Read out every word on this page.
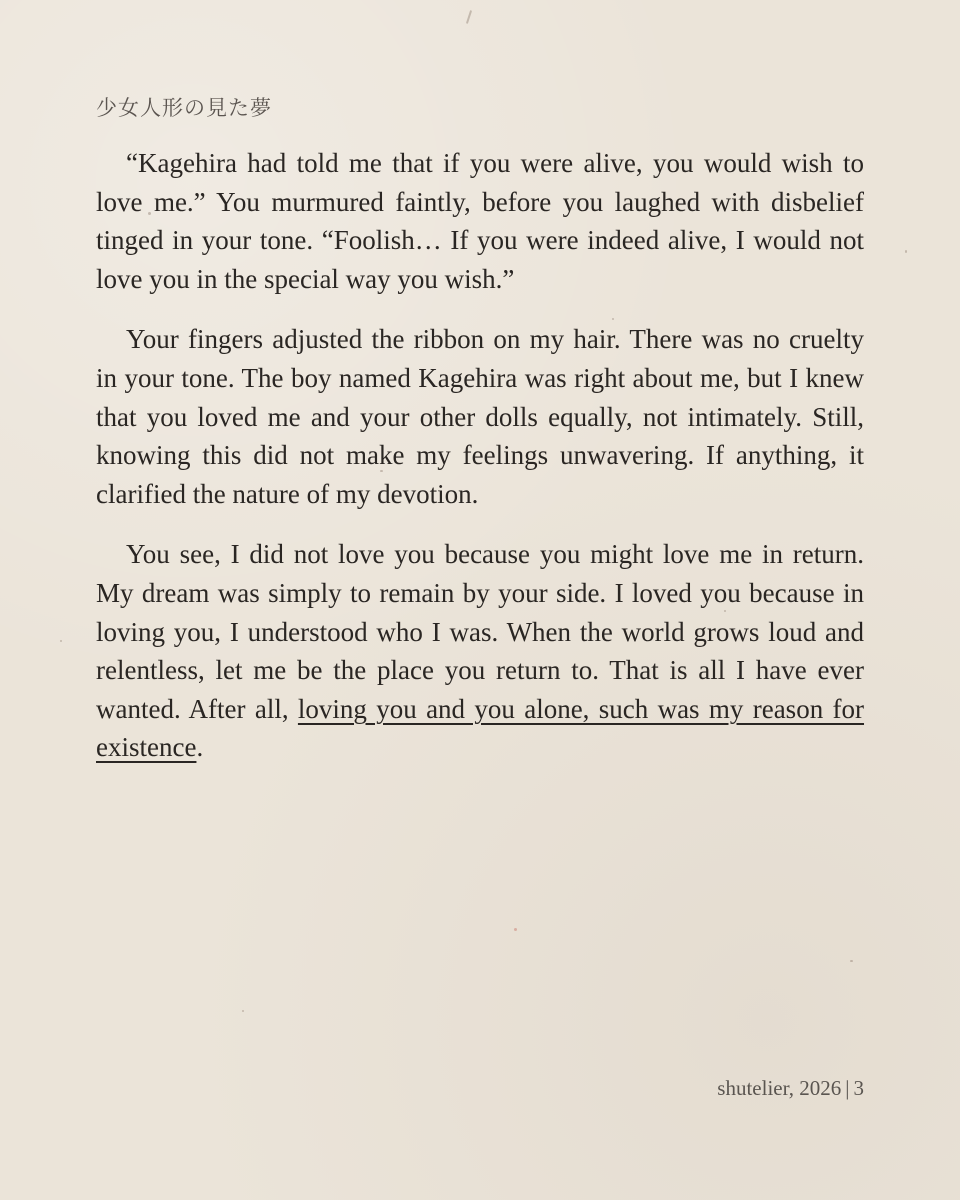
少女人形の見た夢

“Kagehira had told me that if you were alive, you would wish to love me.” You murmured faintly, before you laughed with disbelief tinged in your tone. “Foolish… If you were indeed alive, I would not love you in the special way you wish.”

Your fingers adjusted the ribbon on my hair. There was no cruelty in your tone. The boy named Kagehira was right about me, but I knew that you loved me and your other dolls equally, not intimately. Still, knowing this did not make my feelings unwavering. If anything, it clarified the nature of my devotion.

You see, I did not love you because you might love me in return. My dream was simply to remain by your side. I loved you because in loving you, I understood who I was. When the world grows loud and relentless, let me be the place you return to. That is all I have ever wanted. After all, loving you and you alone, such was my reason for existence.

shutelier, 2026 | 3
